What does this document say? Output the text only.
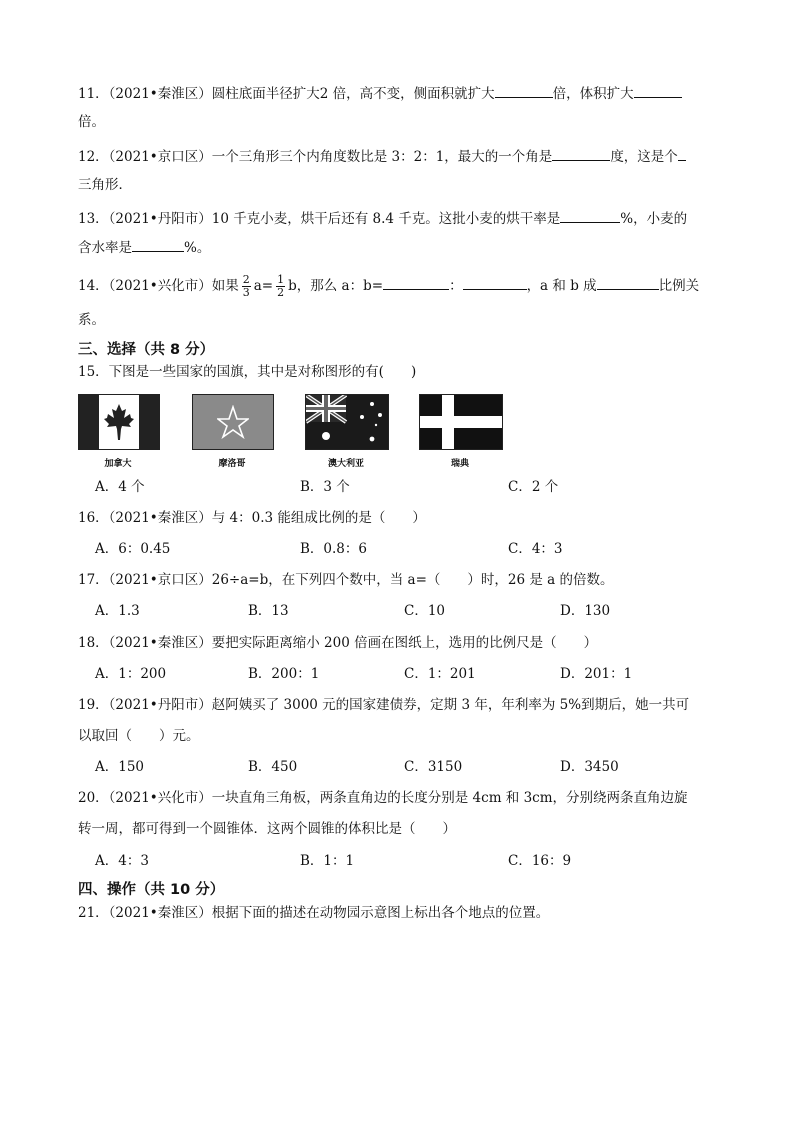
11．（2021•秦淮区）圆柱底面半径扩大2 倍，高不变，侧面积就扩大	倍，体积扩大
倍。
12．（2021•京口区）一个三角形三个内角度数比是 3：2：1，最大的一个角是	度，这是个
三角形．
13．（2021•丹阳市）10 千克小麦，烘干后还有 8.4 千克。这批小麦的烘干率是	%，小麦的
含水率是	%。
14．（2021•兴化市）如果 $\frac{2}{3} a= \frac{1}{2}$ b，那么 a：b=	：	，a 和 b 成	比例关
系。
三、选择（共 8 分）
15．下图是一些国家的国旗，其中是对称图形的有(　　)
加拿大	摩洛哥	澳大利亚	瑞典
A．4 个	B．3 个	C．2 个
16．（2021•秦淮区）与 4：0.3 能组成比例的是（　　）
A．6：0.45	B．0.8：6	C．4：3
17．（2021•京口区）26÷a=b，在下列四个数中，当 a=（　　）时，26 是 a 的倍数。
A．1.3	B．13	C．10	D．130
18．（2021•秦淮区）要把实际距离缩小 200 倍画在图纸上，选用的比例尺是（　　）
A．1：200	B．200：1	C．1：201	D．201：1
19．（2021•丹阳市）赵阿姨买了 3000 元的国家建债券，定期 3 年，年利率为 5%到期后，她一共可
以取回（　　）元。
A．150	B．450	C．3150	D．3450
20．（2021•兴化市）一块直角三角板，两条直角边的长度分别是 4cm 和 3cm，分别绕两条直角边旋
转一周，都可得到一个圆锥体．这两个圆锥的体积比是（　　）
A．4：3	B．1：1	C．16：9
四、操作（共 10 分）
21．（2021•秦淮区）根据下面的描述在动物园示意图上标出各个地点的位置。
